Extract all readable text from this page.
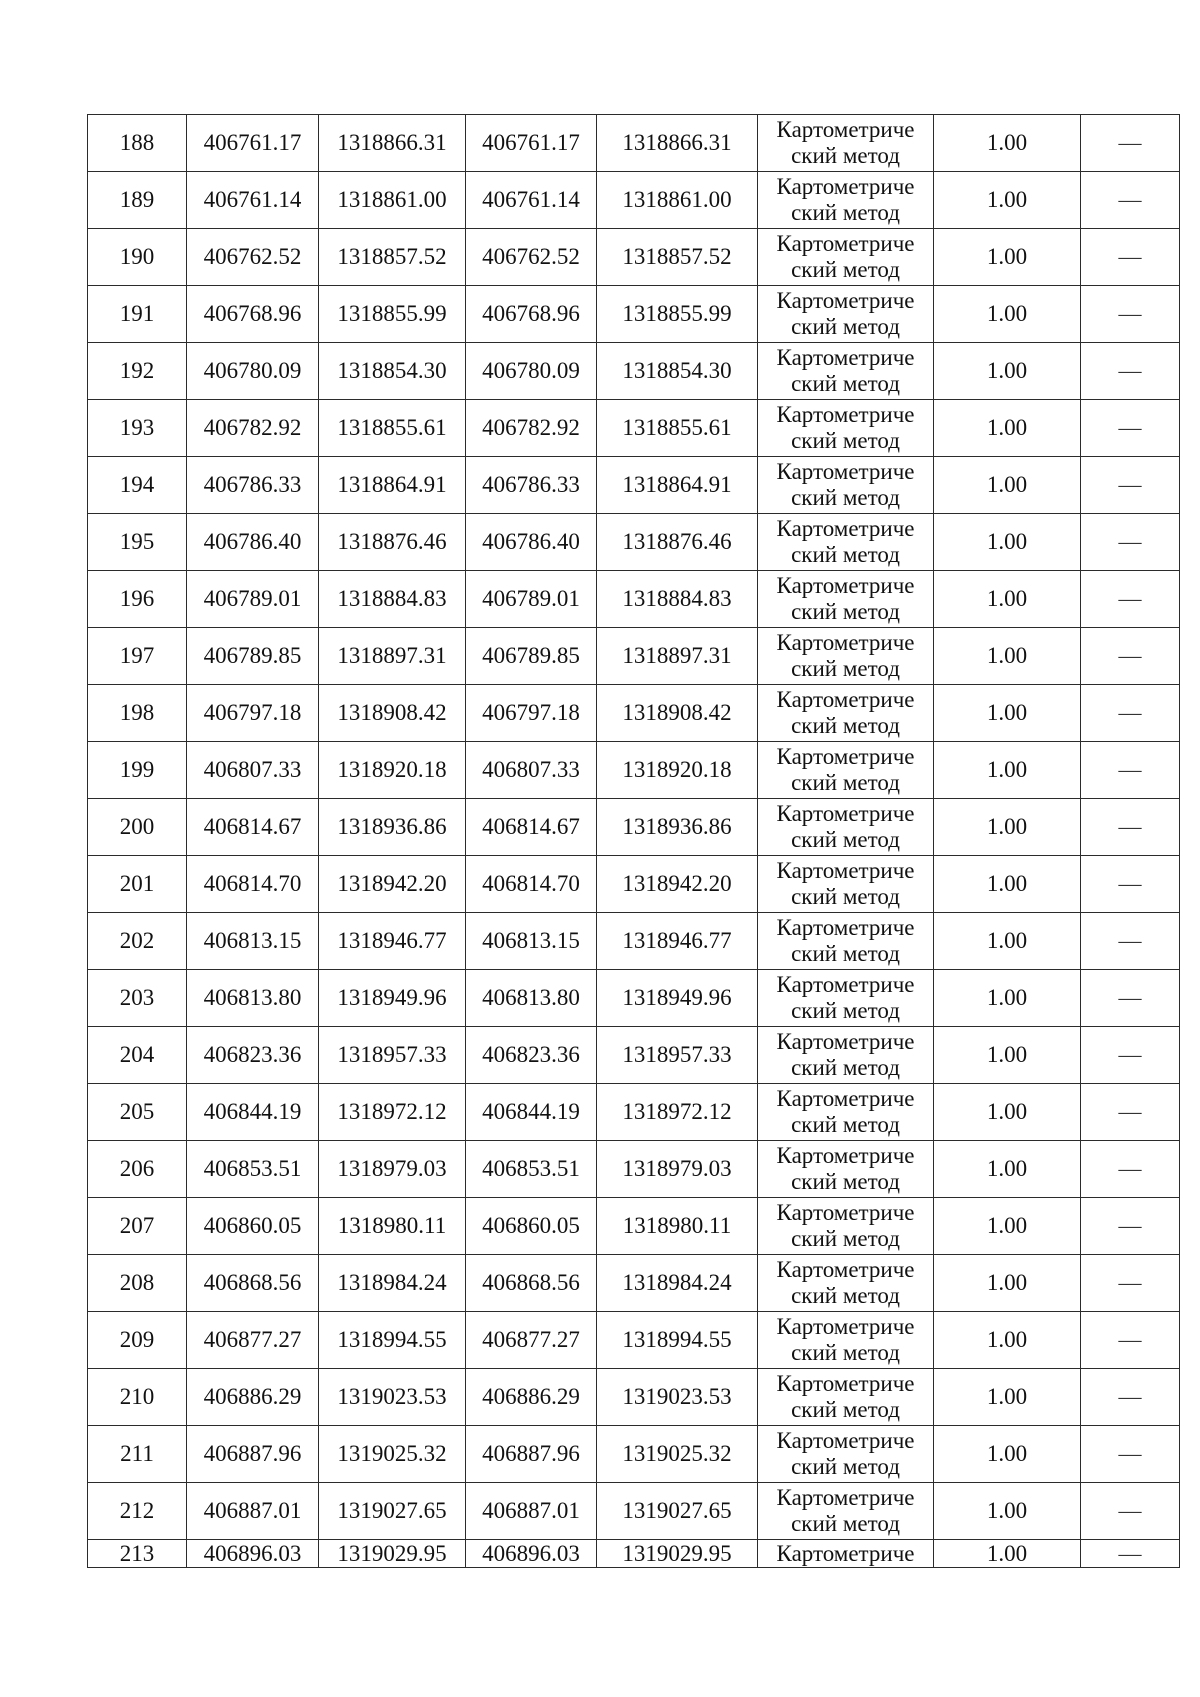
188	406761.17	1318866.31	406761.17	1318866.31	Картометриче ский метод	1.00	—
189	406761.14	1318861.00	406761.14	1318861.00	Картометриче ский метод	1.00	—
190	406762.52	1318857.52	406762.52	1318857.52	Картометриче ский метод	1.00	—
191	406768.96	1318855.99	406768.96	1318855.99	Картометриче ский метод	1.00	—
192	406780.09	1318854.30	406780.09	1318854.30	Картометриче ский метод	1.00	—
193	406782.92	1318855.61	406782.92	1318855.61	Картометриче ский метод	1.00	—
194	406786.33	1318864.91	406786.33	1318864.91	Картометриче ский метод	1.00	—
195	406786.40	1318876.46	406786.40	1318876.46	Картометриче ский метод	1.00	—
196	406789.01	1318884.83	406789.01	1318884.83	Картометриче ский метод	1.00	—
197	406789.85	1318897.31	406789.85	1318897.31	Картометриче ский метод	1.00	—
198	406797.18	1318908.42	406797.18	1318908.42	Картометриче ский метод	1.00	—
199	406807.33	1318920.18	406807.33	1318920.18	Картометриче ский метод	1.00	—
200	406814.67	1318936.86	406814.67	1318936.86	Картометриче ский метод	1.00	—
201	406814.70	1318942.20	406814.70	1318942.20	Картометриче ский метод	1.00	—
202	406813.15	1318946.77	406813.15	1318946.77	Картометриче ский метод	1.00	—
203	406813.80	1318949.96	406813.80	1318949.96	Картометриче ский метод	1.00	—
204	406823.36	1318957.33	406823.36	1318957.33	Картометриче ский метод	1.00	—
205	406844.19	1318972.12	406844.19	1318972.12	Картометриче ский метод	1.00	—
206	406853.51	1318979.03	406853.51	1318979.03	Картометриче ский метод	1.00	—
207	406860.05	1318980.11	406860.05	1318980.11	Картометриче ский метод	1.00	—
208	406868.56	1318984.24	406868.56	1318984.24	Картометриче ский метод	1.00	—
209	406877.27	1318994.55	406877.27	1318994.55	Картометриче ский метод	1.00	—
210	406886.29	1319023.53	406886.29	1319023.53	Картометриче ский метод	1.00	—
211	406887.96	1319025.32	406887.96	1319025.32	Картометриче ский метод	1.00	—
212	406887.01	1319027.65	406887.01	1319027.65	Картометриче ский метод	1.00	—
213	406896.03	1319029.95	406896.03	1319029.95	Картометриче	1.00	—
